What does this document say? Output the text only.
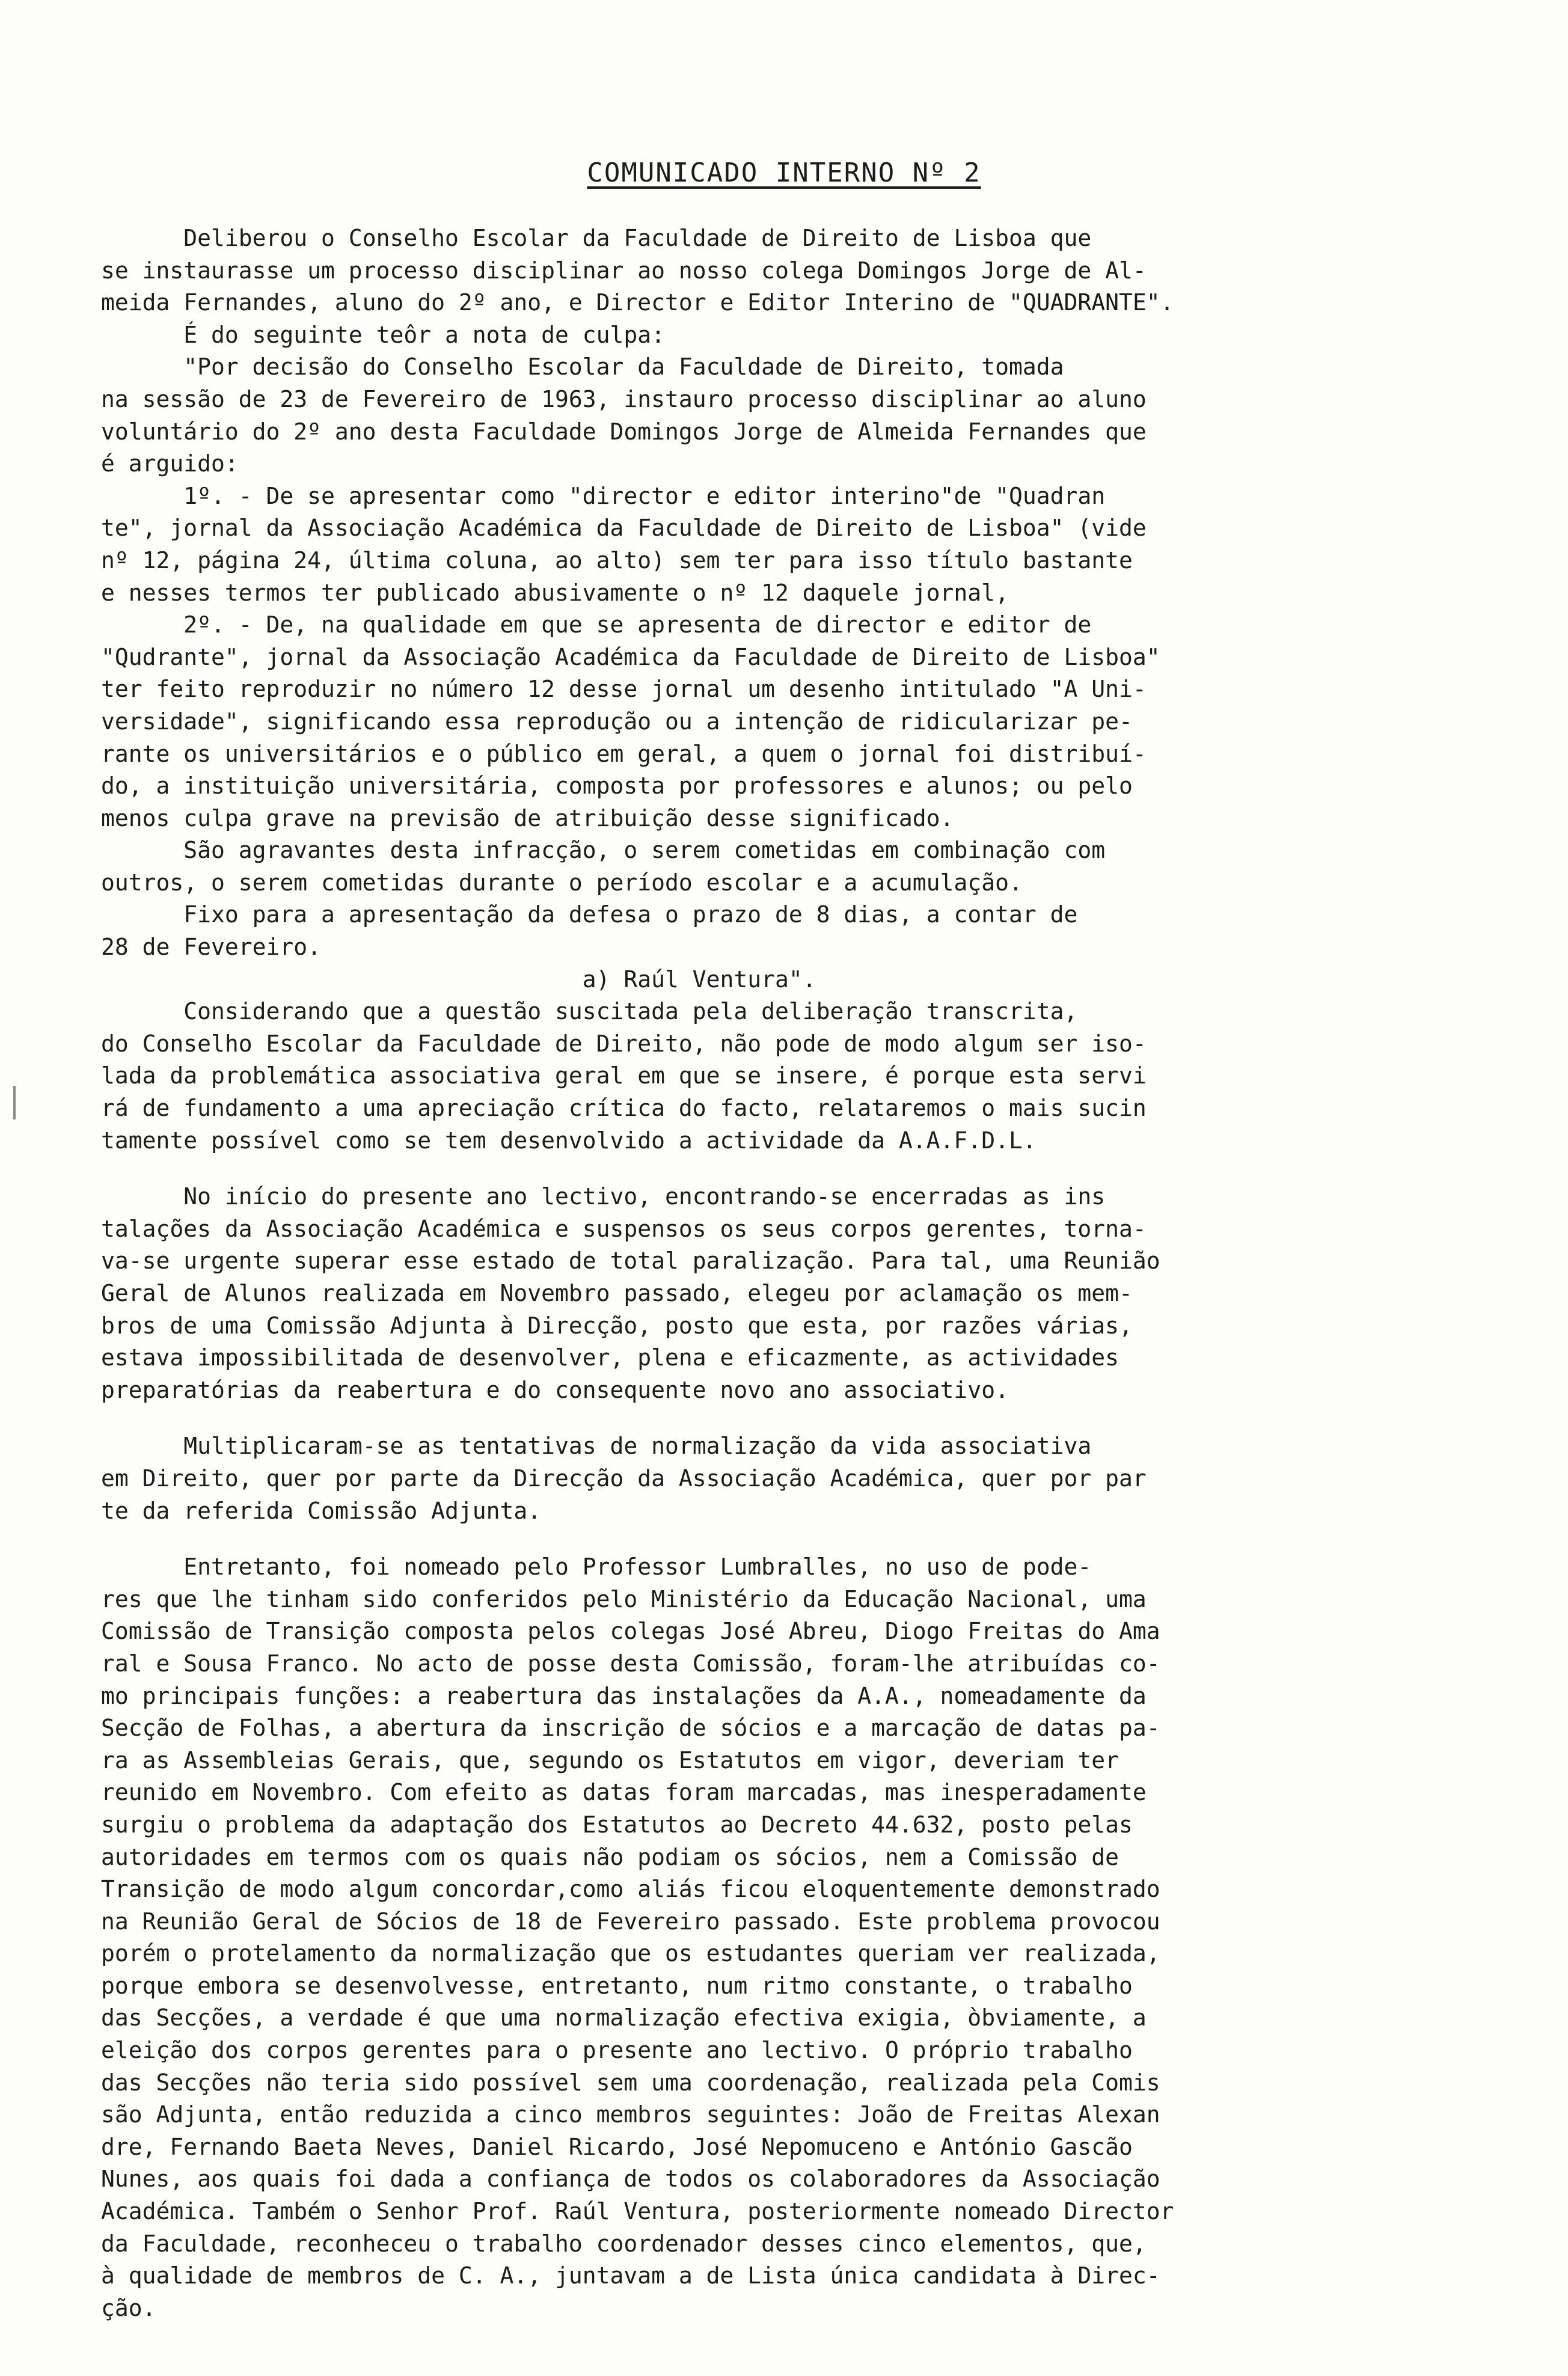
COMUNICADO INTERNO Nº 2

Deliberou o Conselho Escolar da Faculdade de Direito de Lisboa que

se instaurasse um processo disciplinar ao nosso colega Domingos Jorge de Al-

meida Fernandes, aluno do 2º ano, e Director e Editor Interino de "QUADRANTE".

É do seguinte teôr a nota de culpa:

"Por decisão do Conselho Escolar da Faculdade de Direito, tomada

na sessão de 23 de Fevereiro de 1963, instauro processo disciplinar ao aluno

voluntário do 2º ano desta Faculdade Domingos Jorge de Almeida Fernandes que

é arguido:

1º. - De se apresentar como "director e editor interino"de "Quadran

te", jornal da Associação Académica da Faculdade de Direito de Lisboa" (vide

nº 12, página 24, última coluna, ao alto) sem ter para isso título bastante

e nesses termos ter publicado abusivamente o nº 12 daquele jornal,

2º. - De, na qualidade em que se apresenta de director e editor de

"Qudrante", jornal da Associação Académica da Faculdade de Direito de Lisboa"

ter feito reproduzir no número 12 desse jornal um desenho intitulado "A Uni-

versidade", significando essa reprodução ou a intenção de ridicularizar pe-

rante os universitários e o público em geral, a quem o jornal foi distribuí-

do, a instituição universitária, composta por professores e alunos; ou pelo

menos culpa grave na previsão de atribuição desse significado.

São agravantes desta infracção, o serem cometidas em combinação com

outros, o serem cometidas durante o período escolar e a acumulação.

Fixo para a apresentação da defesa o prazo de 8 dias, a contar de

28 de Fevereiro.

a) Raúl Ventura".

Considerando que a questão suscitada pela deliberação transcrita,

do Conselho Escolar da Faculdade de Direito, não pode de modo algum ser iso-

lada da problemática associativa geral em que se insere, é porque esta servi

rá de fundamento a uma apreciação crítica do facto, relataremos o mais sucin

tamente possível como se tem desenvolvido a actividade da A.A.F.D.L.

No início do presente ano lectivo, encontrando-se encerradas as ins

talações da Associação Académica e suspensos os seus corpos gerentes, torna-

va-se urgente superar esse estado de total paralização. Para tal, uma Reunião

Geral de Alunos realizada em Novembro passado, elegeu por aclamação os mem-

bros de uma Comissão Adjunta à Direcção, posto que esta, por razões várias,

estava impossibilitada de desenvolver, plena e eficazmente, as actividades

preparatórias da reabertura e do consequente novo ano associativo.

Multiplicaram-se as tentativas de normalização da vida associativa

em Direito, quer por parte da Direcção da Associação Académica, quer por par

te da referida Comissão Adjunta.

Entretanto, foi nomeado pelo Professor Lumbralles, no uso de pode-

res que lhe tinham sido conferidos pelo Ministério da Educação Nacional, uma

Comissão de Transição composta pelos colegas José Abreu, Diogo Freitas do Ama

ral e Sousa Franco. No acto de posse desta Comissão, foram-lhe atribuídas co-

mo principais funções: a reabertura das instalações da A.A., nomeadamente da

Secção de Folhas, a abertura da inscrição de sócios e a marcação de datas pa-

ra as Assembleias Gerais, que, segundo os Estatutos em vigor, deveriam ter

reunido em Novembro. Com efeito as datas foram marcadas, mas inesperadamente

surgiu o problema da adaptação dos Estatutos ao Decreto 44.632, posto pelas

autoridades em termos com os quais não podiam os sócios, nem a Comissão de

Transição de modo algum concordar,como aliás ficou eloquentemente demonstrado

na Reunião Geral de Sócios de 18 de Fevereiro passado. Este problema provocou

porém o protelamento da normalização que os estudantes queriam ver realizada,

porque embora se desenvolvesse, entretanto, num ritmo constante, o trabalho

das Secções, a verdade é que uma normalização efectiva exigia, òbviamente, a

eleição dos corpos gerentes para o presente ano lectivo. O próprio trabalho

das Secções não teria sido possível sem uma coordenação, realizada pela Comis

são Adjunta, então reduzida a cinco membros seguintes: João de Freitas Alexan

dre, Fernando Baeta Neves, Daniel Ricardo, José Nepomuceno e António Gascão

Nunes, aos quais foi dada a confiança de todos os colaboradores da Associação

Académica. Também o Senhor Prof. Raúl Ventura, posteriormente nomeado Director

da Faculdade, reconheceu o trabalho coordenador desses cinco elementos, que,

à qualidade de membros de C. A., juntavam a de Lista única candidata à Direc-

ção.
